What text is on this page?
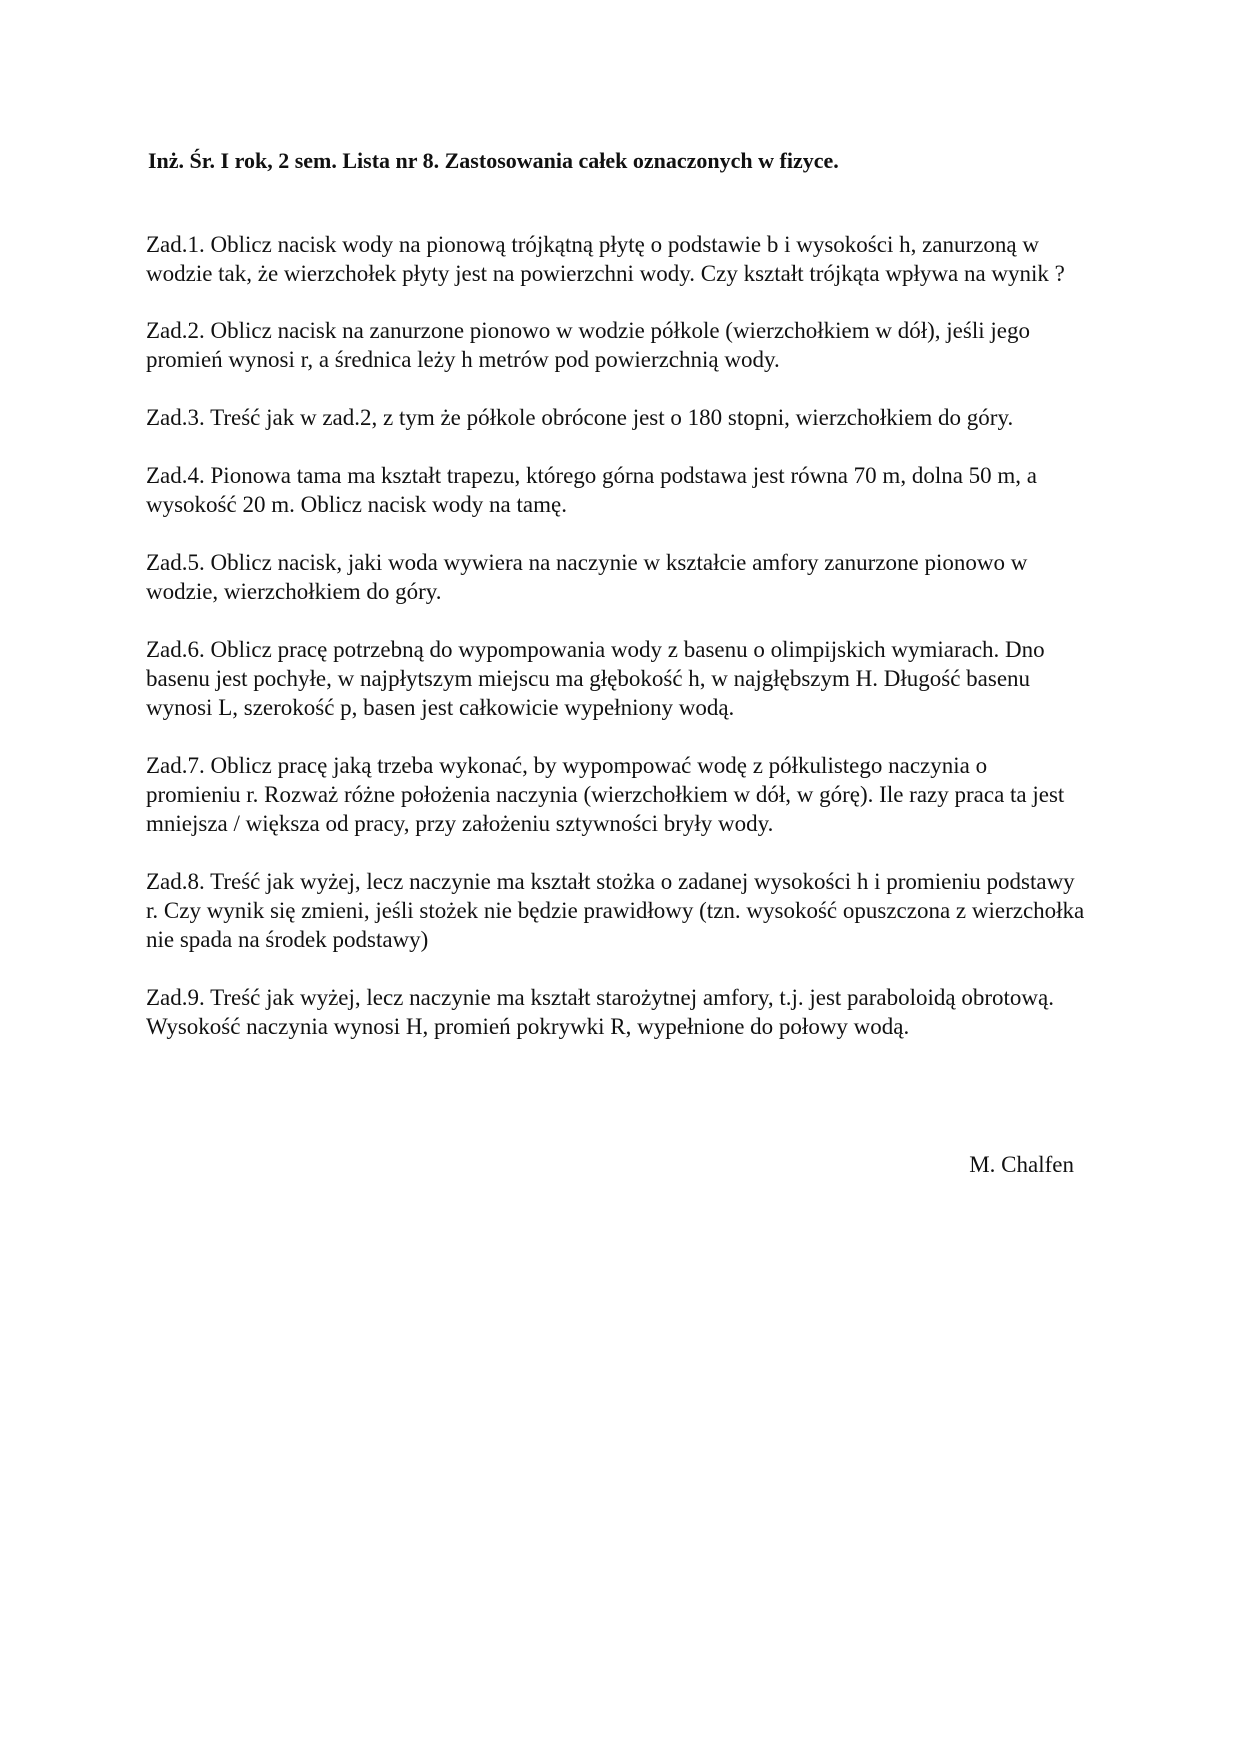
Inż. Śr. I rok, 2 sem. Lista nr 8. Zastosowania całek oznaczonych w fizyce.

Zad.1. Oblicz nacisk wody na pionową trójkątną płytę o podstawie b i wysokości h, zanurzoną w wodzie tak, że wierzchołek płyty jest na powierzchni wody. Czy kształt trójkąta wpływa na wynik ?

Zad.2. Oblicz nacisk na zanurzone pionowo w wodzie półkole (wierzchołkiem w dół), jeśli jego promień wynosi r, a średnica leży h metrów pod powierzchnią wody.

Zad.3. Treść jak w zad.2, z tym że półkole obrócone jest o 180 stopni, wierzchołkiem do góry.

Zad.4. Pionowa tama ma kształt trapezu, którego górna podstawa jest równa 70 m, dolna 50 m, a wysokość 20 m. Oblicz nacisk wody na tamę.

Zad.5. Oblicz nacisk, jaki woda wywiera na naczynie w kształcie amfory zanurzone pionowo w wodzie, wierzchołkiem do góry.

Zad.6. Oblicz pracę potrzebną do wypompowania wody z basenu o olimpijskich wymiarach. Dno basenu jest pochyłe, w najpłytszym miejscu ma głębokość h, w najgłębszym H. Długość basenu wynosi L, szerokość p, basen jest całkowicie wypełniony wodą.

Zad.7. Oblicz pracę jaką trzeba wykonać, by wypompować wodę z półkulistego naczynia o promieniu r. Rozważ różne położenia naczynia (wierzchołkiem w dół, w górę). Ile razy praca ta jest mniejsza / większa od pracy, przy założeniu sztywności bryły wody.

Zad.8. Treść jak wyżej, lecz naczynie ma kształt stożka o zadanej wysokości h i promieniu podstawy r. Czy wynik się zmieni, jeśli stożek nie będzie prawidłowy (tzn. wysokość opuszczona z wierzchołka nie spada na środek podstawy)

Zad.9. Treść jak wyżej, lecz naczynie ma kształt starożytnej amfory, t.j. jest paraboloidą obrotową. Wysokość naczynia wynosi H, promień pokrywki R, wypełnione do połowy wodą.

M. Chalfen
